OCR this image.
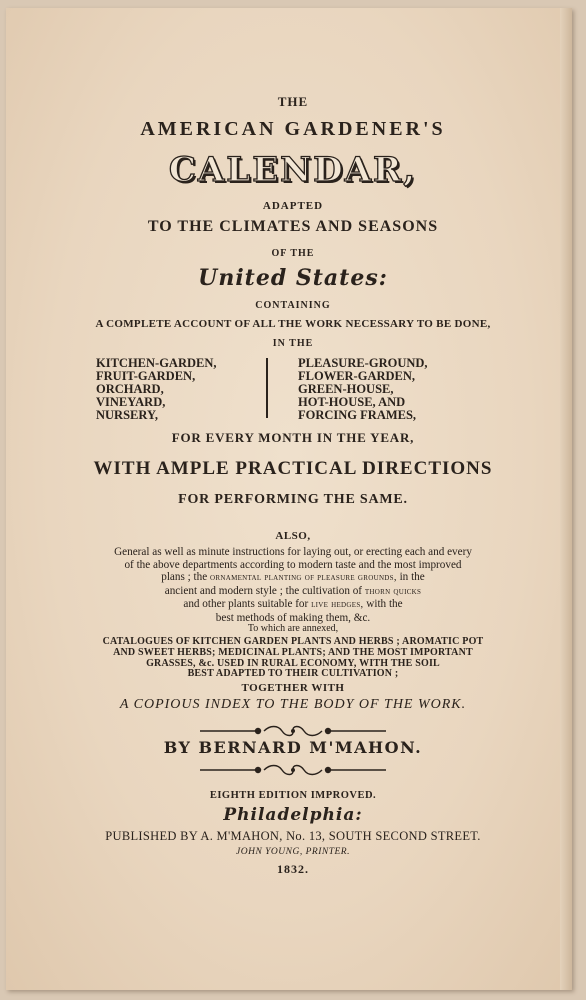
THE
AMERICAN GARDENER'S
CALENDAR,
ADAPTED
TO THE CLIMATES AND SEASONS
OF THE
United States:
CONTAINING
A COMPLETE ACCOUNT OF ALL THE WORK NECESSARY TO BE DONE,
IN THE
KITCHEN-GARDEN,
FRUIT-GARDEN,
ORCHARD,
VINEYARD,
NURSERY,
PLEASURE-GROUND,
FLOWER-GARDEN,
GREEN-HOUSE,
HOT-HOUSE, AND
FORCING FRAMES,
FOR EVERY MONTH IN THE YEAR,
WITH AMPLE PRACTICAL DIRECTIONS
FOR PERFORMING THE SAME.
ALSO,
General as well as minute instructions for laying out, or erecting each and every
of the above departments according to modern taste and the most improved
plans ; the ornamental planting of pleasure grounds, in the
ancient and modern style ; the cultivation of thorn quicks
and other plants suitable for live hedges, with the
best methods of making them, &c.
To which are annexed,
CATALOGUES OF KITCHEN GARDEN PLANTS AND HERBS ; AROMATIC POT
AND SWEET HERBS; MEDICINAL PLANTS; AND THE MOST IMPORTANT
GRASSES, &c. USED IN RURAL ECONOMY, WITH THE SOIL
BEST ADAPTED TO THEIR CULTIVATION ;
TOGETHER WITH
A COPIOUS INDEX TO THE BODY OF THE WORK.
BY BERNARD M'MAHON.
EIGHTH EDITION IMPROVED.
Philadelphia:
PUBLISHED BY A. M'MAHON, No. 13, SOUTH SECOND STREET.
JOHN YOUNG, PRINTER.
1832.
